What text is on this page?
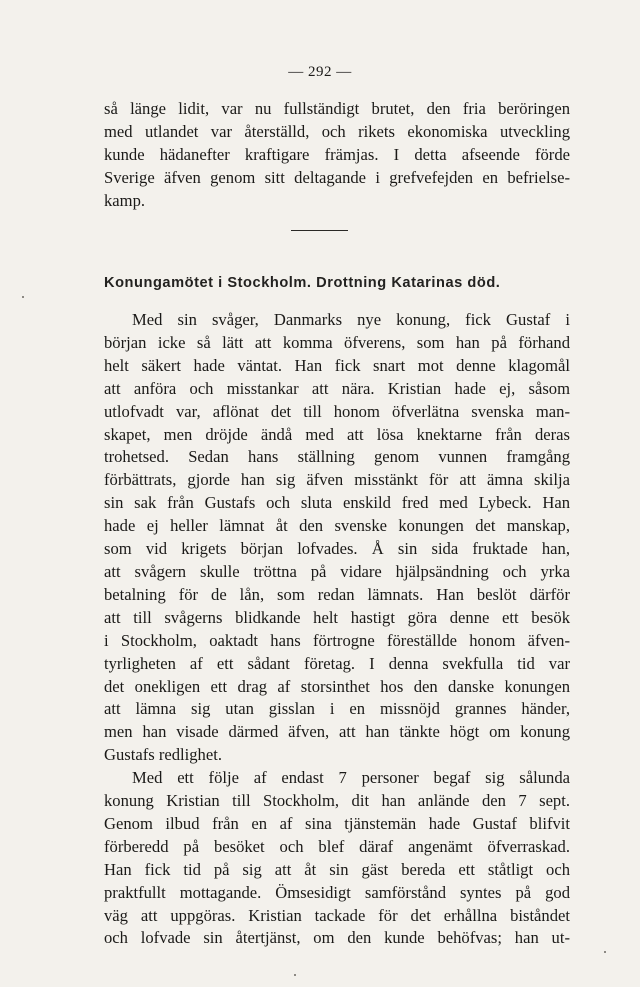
— 292 —

så länge lidit, var nu fullständigt brutet, den fria beröringen
med utlandet var återställd, och rikets ekonomiska utveckling
kunde hädanefter kraftigare främjas. I detta afseende förde
Sverige äfven genom sitt deltagande i grefvefejden en befrielse-
kamp.

Konungamötet i Stockholm. Drottning Katarinas död.

Med sin svåger, Danmarks nye konung, fick Gustaf i
början icke så lätt att komma öfverens, som han på förhand
helt säkert hade väntat. Han fick snart mot denne klagomål
att anföra och misstankar att nära. Kristian hade ej, såsom
utlofvadt var, aflönat det till honom öfverlätna svenska man-
skapet, men dröjde ändå med att lösa knektarne från deras
trohetsed. Sedan hans ställning genom vunnen framgång
förbättrats, gjorde han sig äfven misstänkt för att ämna skilja
sin sak från Gustafs och sluta enskild fred med Lybeck. Han
hade ej heller lämnat åt den svenske konungen det manskap,
som vid krigets början lofvades. Å sin sida fruktade han,
att svågern skulle tröttna på vidare hjälpsändning och yrka
betalning för de lån, som redan lämnats. Han beslöt därför
att till svågerns blidkande helt hastigt göra denne ett besök
i Stockholm, oaktadt hans förtrogne föreställde honom äfven-
tyrligheten af ett sådant företag. I denna svekfulla tid var
det onekligen ett drag af storsinthet hos den danske konungen
att lämna sig utan gisslan i en missnöjd grannes händer,
men han visade därmed äfven, att han tänkte högt om konung
Gustafs redlighet.

Med ett följe af endast 7 personer begaf sig sålunda
konung Kristian till Stockholm, dit han anlände den 7 sept.
Genom ilbud från en af sina tjänstemän hade Gustaf blifvit
förberedd på besöket och blef däraf angenämt öfverraskad.
Han fick tid på sig att åt sin gäst bereda ett ståtligt och
praktfullt mottagande. Ömsesidigt samförstånd syntes på god
väg att uppgöras. Kristian tackade för det erhållna biståndet
och lofvade sin återtjänst, om den kunde behöfvas; han ut-
